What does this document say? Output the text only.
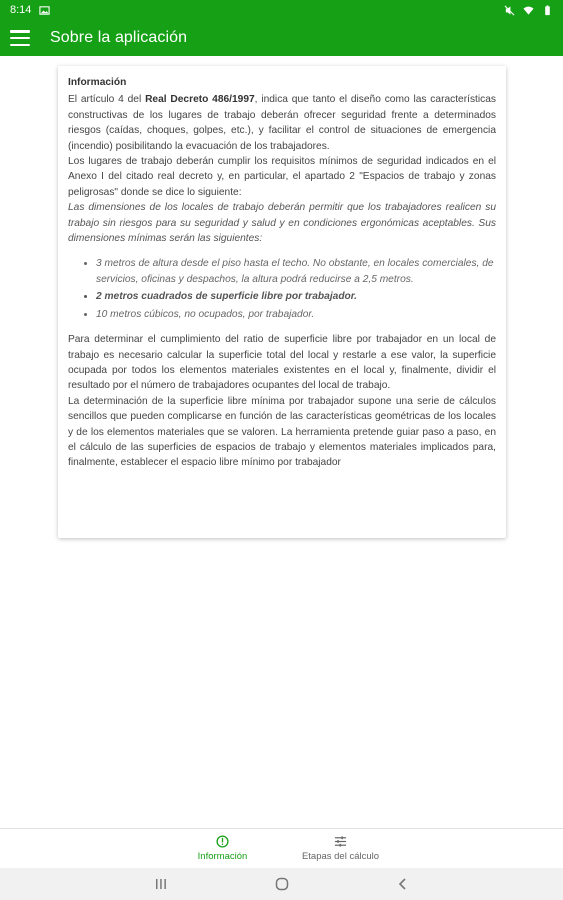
8:14
Sobre la aplicación
Información

El artículo 4 del Real Decreto 486/1997, indica que tanto el diseño como las características constructivas de los lugares de trabajo deberán ofrecer seguridad frente a determinados riesgos (caídas, choques, golpes, etc.), y facilitar el control de situaciones de emergencia (incendio) posibilitando la evacuación de los trabajadores.

Los lugares de trabajo deberán cumplir los requisitos mínimos de seguridad indicados en el Anexo I del citado real decreto y, en particular, el apartado 2 "Espacios de trabajo y zonas peligrosas" donde se dice lo siguiente:

Las dimensiones de los locales de trabajo deberán permitir que los trabajadores realicen su trabajo sin riesgos para su seguridad y salud y en condiciones ergonómicas aceptables. Sus dimensiones mínimas serán las siguientes:

• 3 metros de altura desde el piso hasta el techo. No obstante, en locales comerciales, de servicios, oficinas y despachos, la altura podrá reducirse a 2,5 metros.
• 2 metros cuadrados de superficie libre por trabajador.
• 10 metros cúbicos, no ocupados, por trabajador.

Para determinar el cumplimiento del ratio de superficie libre por trabajador en un local de trabajo es necesario calcular la superficie total del local y restarle a ese valor, la superficie ocupada por todos los elementos materiales existentes en el local y, finalmente, dividir el resultado por el número de trabajadores ocupantes del local de trabajo.

La determinación de la superficie libre mínima por trabajador supone una serie de cálculos sencillos que pueden complicarse en función de las características geométricas de los locales y de los elementos materiales que se valoren. La herramienta pretende guiar paso a paso, en el cálculo de las superficies de espacios de trabajo y elementos materiales implicados para, finalmente, establecer el espacio libre mínimo por trabajador

Información	Etapas del cálculo
